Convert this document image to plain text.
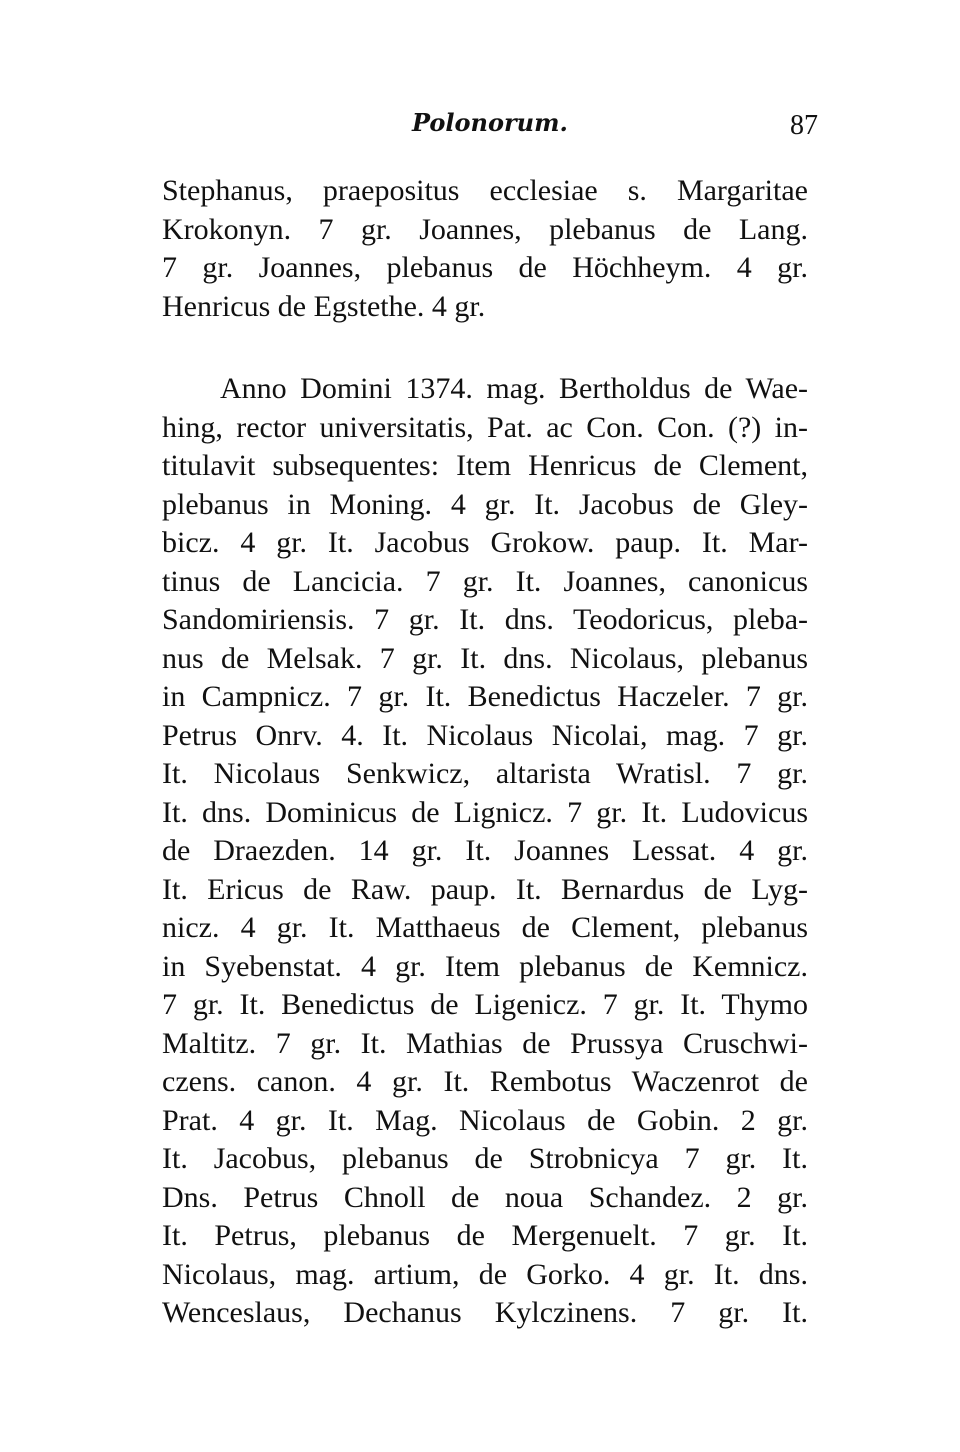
Polonorum.	87
Stephanus, praepositus ecclesiae s. Margaritae
Krokonyn. 7 gr. Joannes, plebanus de Lang.
7 gr. Joannes, plebanus de Höchheym. 4 gr.
Henricus de Egstethe. 4 gr.
Anno Domini 1374. mag. Bertholdus de Wae-
hing, rector universitatis, Pat. ac Con. Con. (?) in-
titulavit subsequentes: Item Henricus de Clement,
plebanus in Moning. 4 gr. It. Jacobus de Gley-
bicz. 4 gr. It. Jacobus Grokow. paup. It. Mar-
tinus de Lancicia. 7 gr. It. Joannes, canonicus
Sandomiriensis. 7 gr. It. dns. Teodoricus, pleba-
nus de Melsak. 7 gr. It. dns. Nicolaus, plebanus
in Campnicz. 7 gr. It. Benedictus Haczeler. 7 gr.
Petrus Onrv. 4. It. Nicolaus Nicolai, mag. 7 gr.
It. Nicolaus Senkwicz, altarista Wratisl. 7 gr.
It. dns. Dominicus de Lignicz. 7 gr. It. Ludovicus
de Draezden. 14 gr. It. Joannes Lessat. 4 gr.
It. Ericus de Raw. paup. It. Bernardus de Lyg-
nicz. 4 gr. It. Matthaeus de Clement, plebanus
in Syebenstat. 4 gr. Item plebanus de Kemnicz.
7 gr. It. Benedictus de Ligenicz. 7 gr. It. Thymo
Maltitz. 7 gr. It. Mathias de Prussya Cruschwi-
czens. canon. 4 gr. It. Rembotus Waczenrot de
Prat. 4 gr. It. Mag. Nicolaus de Gobin. 2 gr.
It. Jacobus, plebanus de Strobnicya 7 gr. It.
Dns. Petrus Chnoll de noua Schandez. 2 gr.
It. Petrus, plebanus de Mergenuelt. 7 gr. It.
Nicolaus, mag. artium, de Gorko. 4 gr. It. dns.
Wenceslaus, Dechanus Kylczinens. 7 gr. It.
